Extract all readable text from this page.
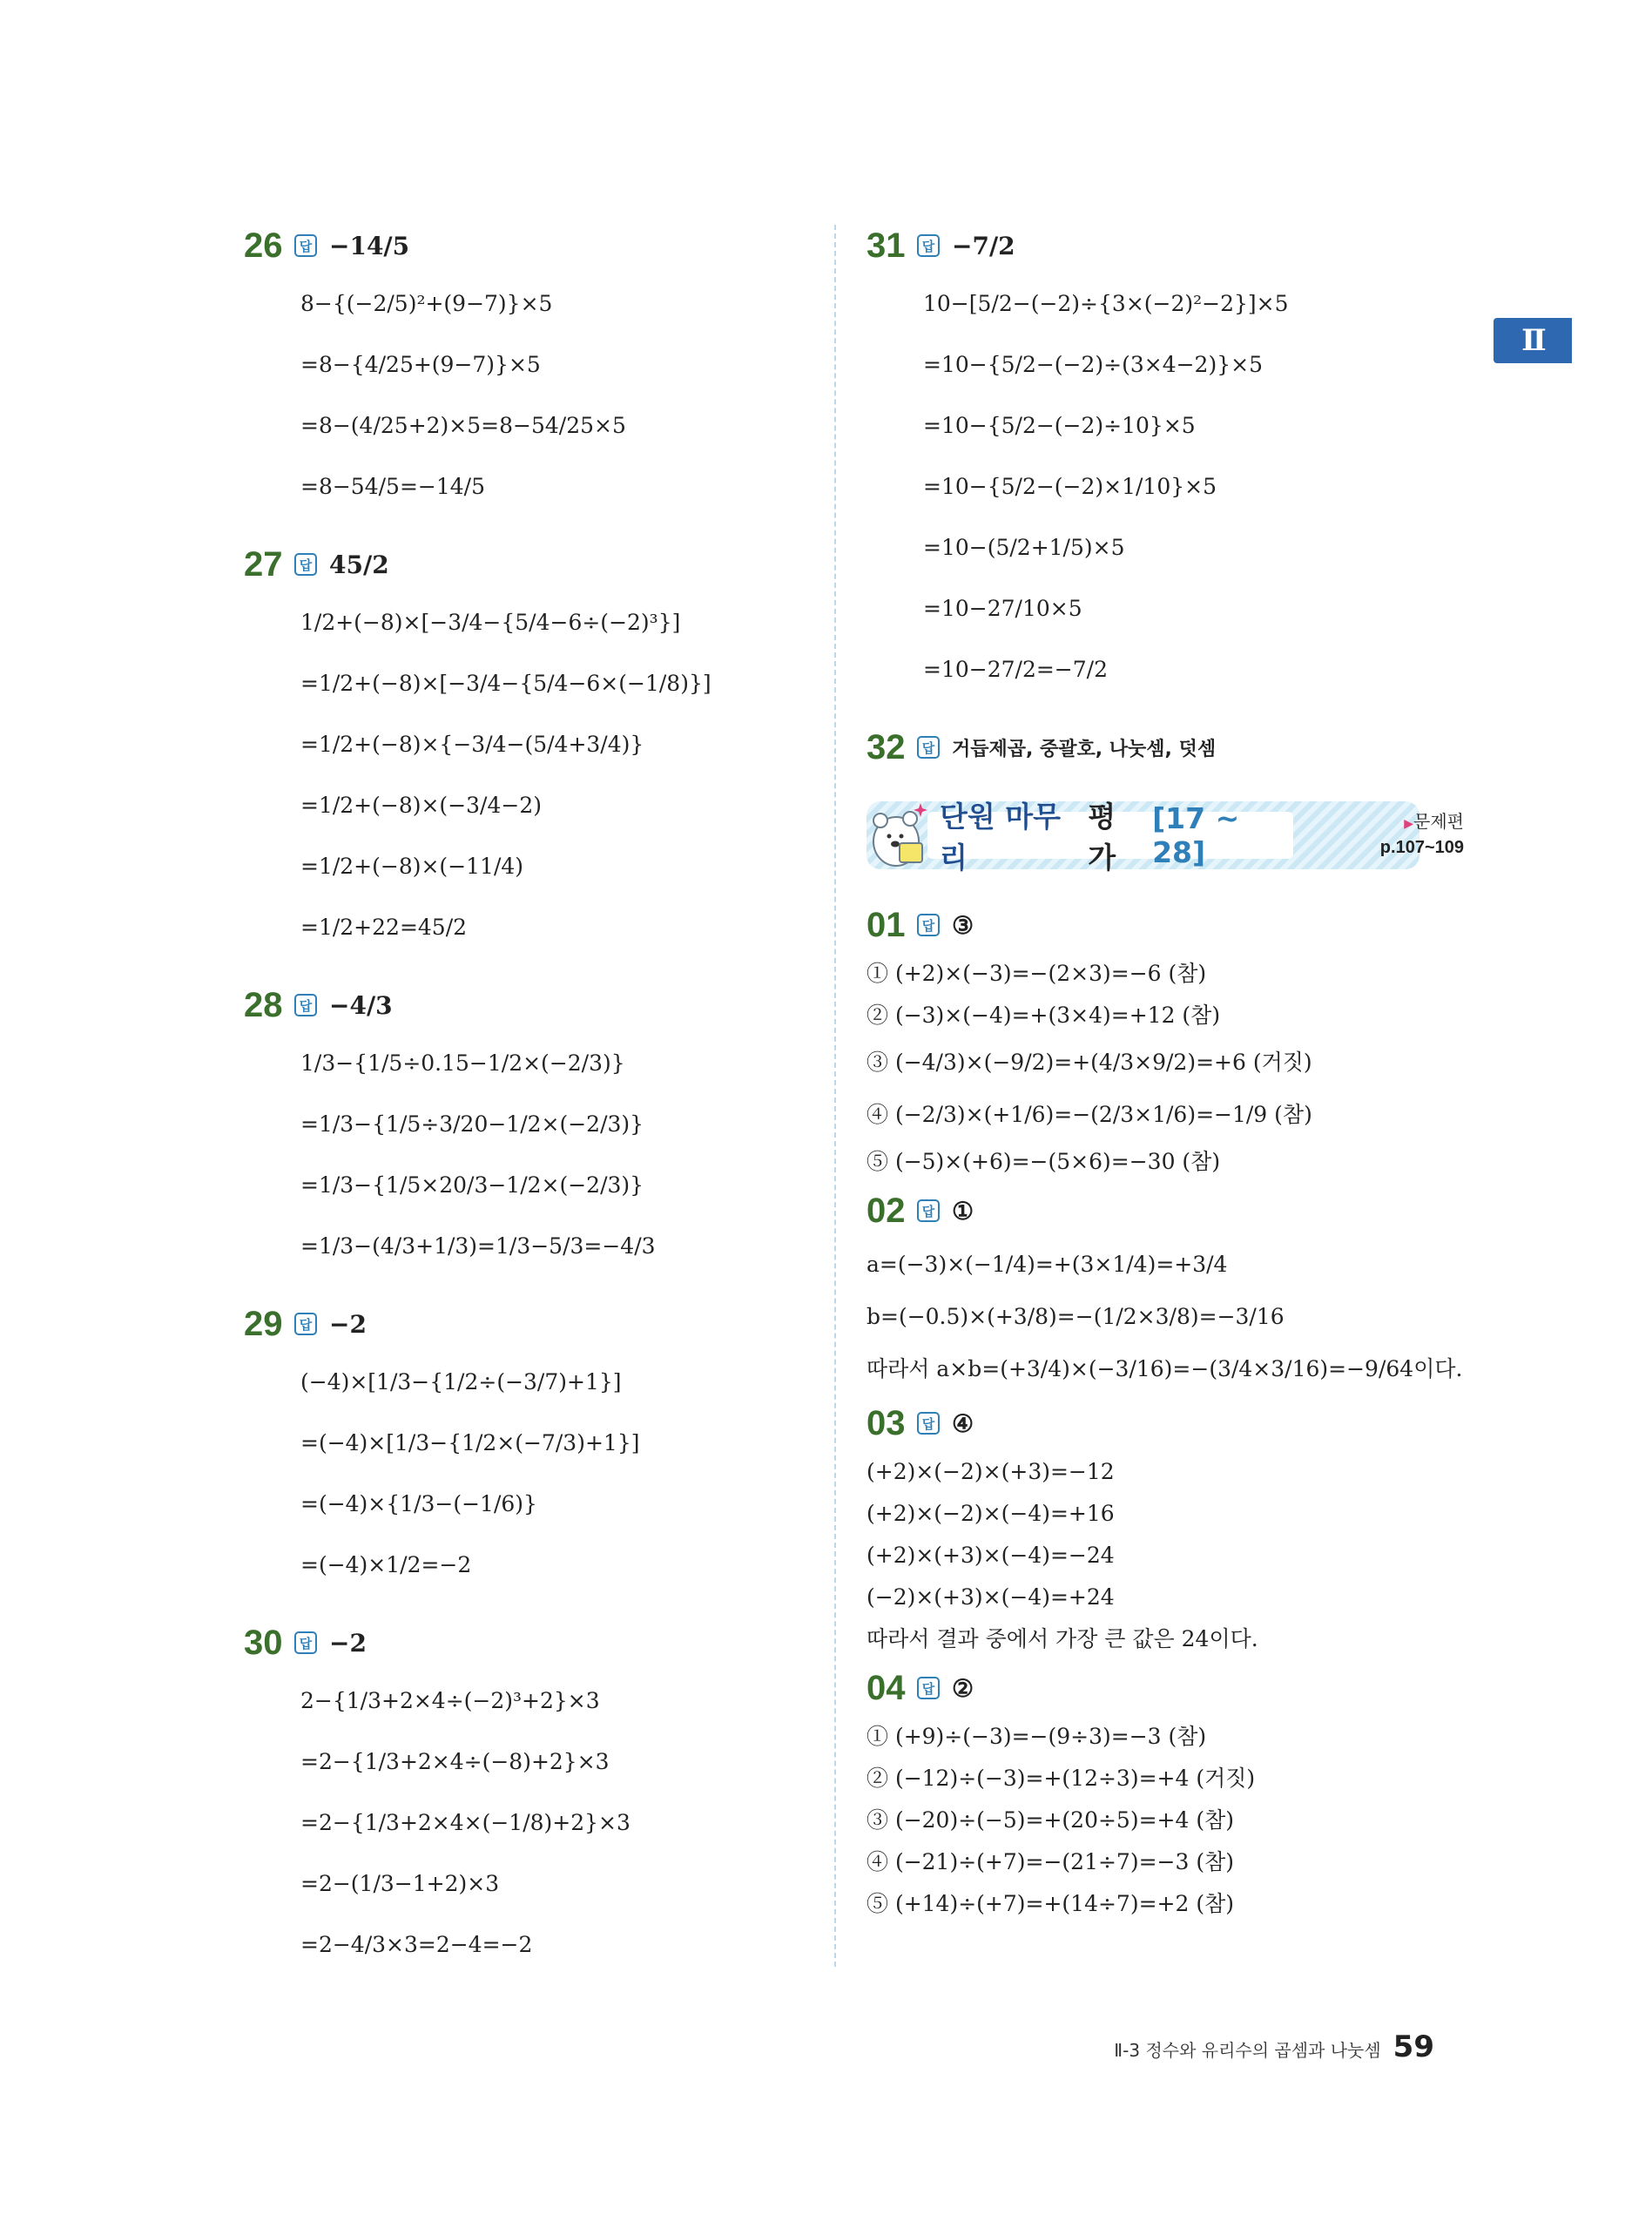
Ⅱ
26	답 −14/5
8−{(−2/5)²+(9−7)}×5
=8−{4/25+(9−7)}×5
=8−(4/25+2)×5=8−54/25×5
=8−54/5=−14/5
27	답 45/2
1/2+(−8)×[−3/4−{5/4−6÷(−2)³}]
=1/2+(−8)×[−3/4−{5/4−6×(−1/8)}]
=1/2+(−8)×{−3/4−(5/4+3/4)}
=1/2+(−8)×(−3/4−2)
=1/2+(−8)×(−11/4)
=1/2+22=45/2
28	답 −4/3
1/3−{1/5÷0.15−1/2×(−2/3)}
=1/3−{1/5÷3/20−1/2×(−2/3)}
=1/3−{1/5×20/3−1/2×(−2/3)}
=1/3−(4/3+1/3)=1/3−5/3=−4/3
29	답 −2
(−4)×[1/3−{1/2÷(−3/7)+1}]
=(−4)×[1/3−{1/2×(−7/3)+1}]
=(−4)×{1/3−(−1/6)}
=(−4)×1/2=−2
30	답 −2
2−{1/3+2×4÷(−2)³+2}×3
=2−{1/3+2×4÷(−8)+2}×3
=2−{1/3+2×4×(−1/8)+2}×3
=2−(1/3−1+2)×3
=2−4/3×3=2−4=−2
31	답 −7/2
10−[5/2−(−2)÷{3×(−2)²−2}]×5
=10−{5/2−(−2)÷(3×4−2)}×5
=10−{5/2−(−2)÷10}×5
=10−{5/2−(−2)×1/10}×5
=10−(5/2+1/5)×5
=10−27/10×5
=10−27/2=−7/2
32	답 거듭제곱, 중괄호, 나눗셈, 덧셈
단원 마무리
평가
[17 ~ 28]
▶문제편
p.107~109
01	답 ③
① (+2)×(−3)=−(2×3)=−6 (참)
② (−3)×(−4)=+(3×4)=+12 (참)
③ (−4/3)×(−9/2)=+(4/3×9/2)=+6 (거짓)
④ (−2/3)×(+1/6)=−(2/3×1/6)=−1/9 (참)
⑤ (−5)×(+6)=−(5×6)=−30 (참)
02	답 ①
a=(−3)×(−1/4)=+(3×1/4)=+3/4
b=(−0.5)×(+3/8)=−(1/2×3/8)=−3/16
따라서 a×b=(+3/4)×(−3/16)=−(3/4×3/16)=−9/64이다.
03	답 ④
(+2)×(−2)×(+3)=−12
(+2)×(−2)×(−4)=+16
(+2)×(+3)×(−4)=−24
(−2)×(+3)×(−4)=+24
따라서 결과 중에서 가장 큰 값은 24이다.
04	답 ②
① (+9)÷(−3)=−(9÷3)=−3 (참)
② (−12)÷(−3)=+(12÷3)=+4 (거짓)
③ (−20)÷(−5)=+(20÷5)=+4 (참)
④ (−21)÷(+7)=−(21÷7)=−3 (참)
⑤ (+14)÷(+7)=+(14÷7)=+2 (참)
Ⅱ-3 정수와 유리수의 곱셈과 나눗셈 59
